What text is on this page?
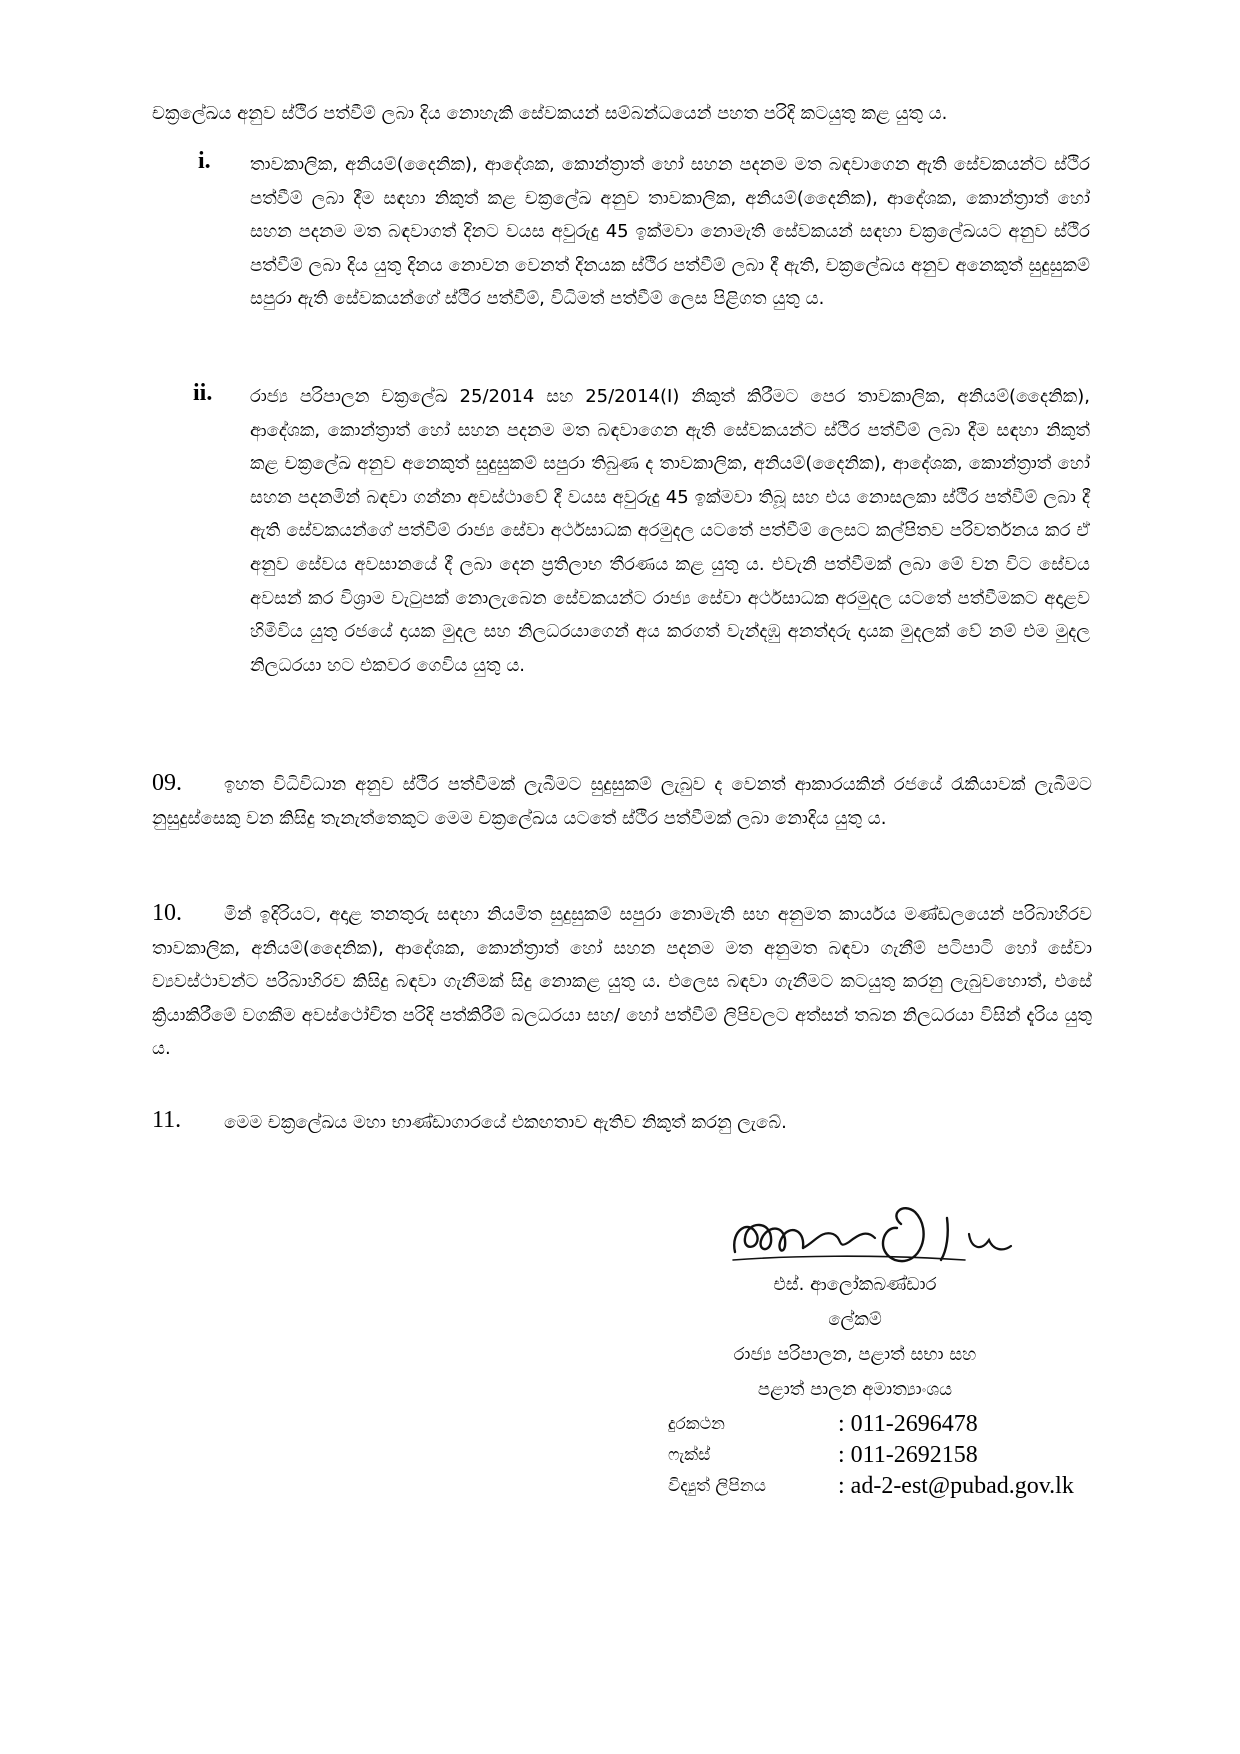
චක්‍රලේඛය අනුව ස්ථිර පත්වීම් ලබා දිය නොහැකි සේවකයන් සම්බන්ධයෙන් පහත පරිදි කටයුතු කළ යුතු ය.
i. තාවකාලික, අනියම්(දෛනික), ආදේශක, කොන්ත්‍රාත් හෝ සහන පදනම මත බඳවාගෙන ඇති සේවකයන්ට ස්ථිර පත්වීම් ලබා දීම සඳහා නිකුත් කළ චක්‍රලේඛ අනුව තාවකාලික, අනියම්(දෛනික), ආදේශක, කොන්ත්‍රාත් හෝ සහන පදනම මත බඳවාගත් දිනට වයස අවුරුදු 45 ඉක්මවා නොමැති සේවකයන් සඳහා චක්‍රලේඛයට අනුව ස්ථිර පත්වීම් ලබා දිය යුතු දිනය නොවන වෙනත් දිනයක ස්ථිර පත්වීම් ලබා දී ඇති, චක්‍රලේඛය අනුව අනෙකුත් සුදුසුකම් සපුරා ඇති සේවකයන්ගේ ස්ථිර පත්වීම්, විධිමත් පත්වීම් ලෙස පිළිගත යුතු ය.
ii. රාජ්‍ය පරිපාලන චක්‍රලේඛ 25/2014 සහ 25/2014(I) නිකුත් කිරීමට පෙර තාවකාලික, අනියම්(දෛනික), ආදේශක, කොන්ත්‍රාත් හෝ සහන පදනම මත බඳවාගෙන ඇති සේවකයන්ට ස්ථිර පත්වීම් ලබා දීම සඳහා නිකුත් කළ චක්‍රලේඛ අනුව අනෙකුත් සුදුසුකම් සපුරා තිබුණ ද තාවකාලික, අනියම්(දෛනික), ආදේශක, කොන්ත්‍රාත් හෝ සහන පදනමින් බඳවා ගන්නා අවස්ථාවේ දී වයස අවුරුදු 45 ඉක්මවා තිබූ සහ එය නොසලකා ස්ථිර පත්වීම් ලබා දී ඇති සේවකයන්ගේ පත්වීම් රාජ්‍ය සේවා අර්ථසාධක අරමුදල යටතේ පත්වීම් ලෙසට කල්පිතව පරිවර්තනය කර ඒ අනුව සේවය අවසානයේ දී ලබා දෙන ප්‍රතිලාභ තීරණය කළ යුතු ය. එවැනි පත්වීමක් ලබා මේ වන විට සේවය අවසන් කර විශ්‍රාම වැටුපක් නොලැබෙන සේවකයන්ට රාජ්‍ය සේවා අර්ථසාධක අරමුදල යටතේ පත්වීමකට අදාළව හිමිවිය යුතු රජයේ දායක මුදල සහ නිලධරයාගෙන් අය කරගත් වැන්දඹු අනත්දරු දායක මුදලක් වේ නම් එම මුදල නිලධරයා හට එකවර ගෙවිය යුතු ය.
09. ඉහත විධිවිධාන අනුව ස්ථිර පත්වීමක් ලැබීමට සුදුසුකම් ලැබුව ද වෙනත් ආකාරයකින් රජයේ රැකියාවක් ලැබීමට නුසුදුස්සෙකු වන කිසිදු තැනැත්තෙකුට මෙම චක්‍රලේඛය යටතේ ස්ථිර පත්වීමක් ලබා නොදිය යුතු ය.
10. මින් ඉදිරියට, අදාළ තනතුරු සඳහා නියමිත සුදුසුකම් සපුරා නොමැති සහ අනුමත කාර්යය මණ්ඩලයෙන් පරිබාහිරව තාවකාලික, අනියම්(දෛනික), ආදේශක, කොන්ත්‍රාත් හෝ සහන පදනම මත අනුමත බඳවා ගැනීම් පටිපාටි හෝ සේවා ව්‍යවස්ථාවන්ට පරිබාහිරව කිසිදු බඳවා ගැනීමක් සිදු නොකළ යුතු ය. එලෙස බඳවා ගැනීමට කටයුතු කරනු ලැබුවහොත්, එසේ ක්‍රියාකිරීමේ වගකීම අවස්ථෝචිත පරිදි පත්කිරීම් බලධරයා සහ/ හෝ පත්වීම් ලිපිවලට අත්සන් තබන නිලධරයා විසින් දැරිය යුතු ය.
11. මෙම චක්‍රලේඛය මහා භාණ්ඩාගාරයේ එකඟතාව ඇතිව නිකුත් කරනු ලැබේ.
එස්. ආලෝකබණ්ඩාර
ලේකම්
රාජ්‍ය පරිපාලන, පළාත් සභා සහ
පළාත් පාලන අමාත්‍යාංශය
දුරකථන	: 011-2696478
ෆැක්ස්	: 011-2692158
විද්‍යුත් ලිපිනය	: ad-2-est@pubad.gov.lk
